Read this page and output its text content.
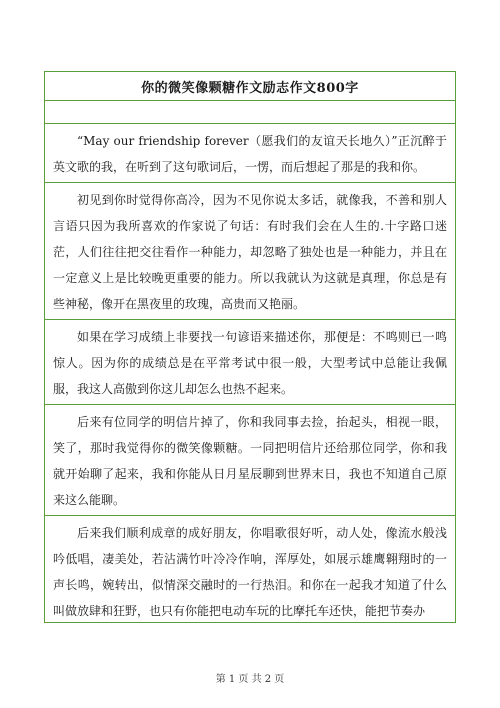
你的微笑像颗糖作文励志作文800字
“May our friendship forever（愿我们的友谊天长地久）”正沉醉于英文歌的我，在听到了这句歌词后，一愣，而后想起了那是的我和你。
初见到你时觉得你高冷，因为不见你说太多话，就像我，不善和别人言语只因为我所喜欢的作家说了句话：有时我们会在人生的.十字路口迷茫，人们往往把交往看作一种能力，却忽略了独处也是一种能力，并且在一定意义上是比较晚更重要的能力。所以我就认为这就是真理，你总是有些神秘，像开在黑夜里的玫瑰，高贵而又艳丽。
如果在学习成绩上非要找一句谚语来描述你，那便是：不鸣则已一鸣惊人。因为你的成绩总是在平常考试中很一般，大型考试中总能让我佩服，我这人高傲到你这儿却怎么也热不起来。
后来有位同学的明信片掉了，你和我同事去捡，抬起头，相视一眼，笑了，那时我觉得你的微笑像颗糖。一同把明信片还给那位同学，你和我就开始聊了起来，我和你能从日月星辰聊到世界末日，我也不知道自己原来这么能聊。
后来我们顺利成章的成好朋友，你唱歌很好听，动人处，像流水般浅吟低唱，凄美处，若沾满竹叶冷冷作响，浑厚处，如展示雄鹰翱翔时的一声长鸣，婉转出，似情深交融时的一行热泪。和你在一起我才知道了什么叫做放肆和狂野，也只有你能把电动车玩的比摩托车还快，能把节奏办
第 1 页 共 2 页
